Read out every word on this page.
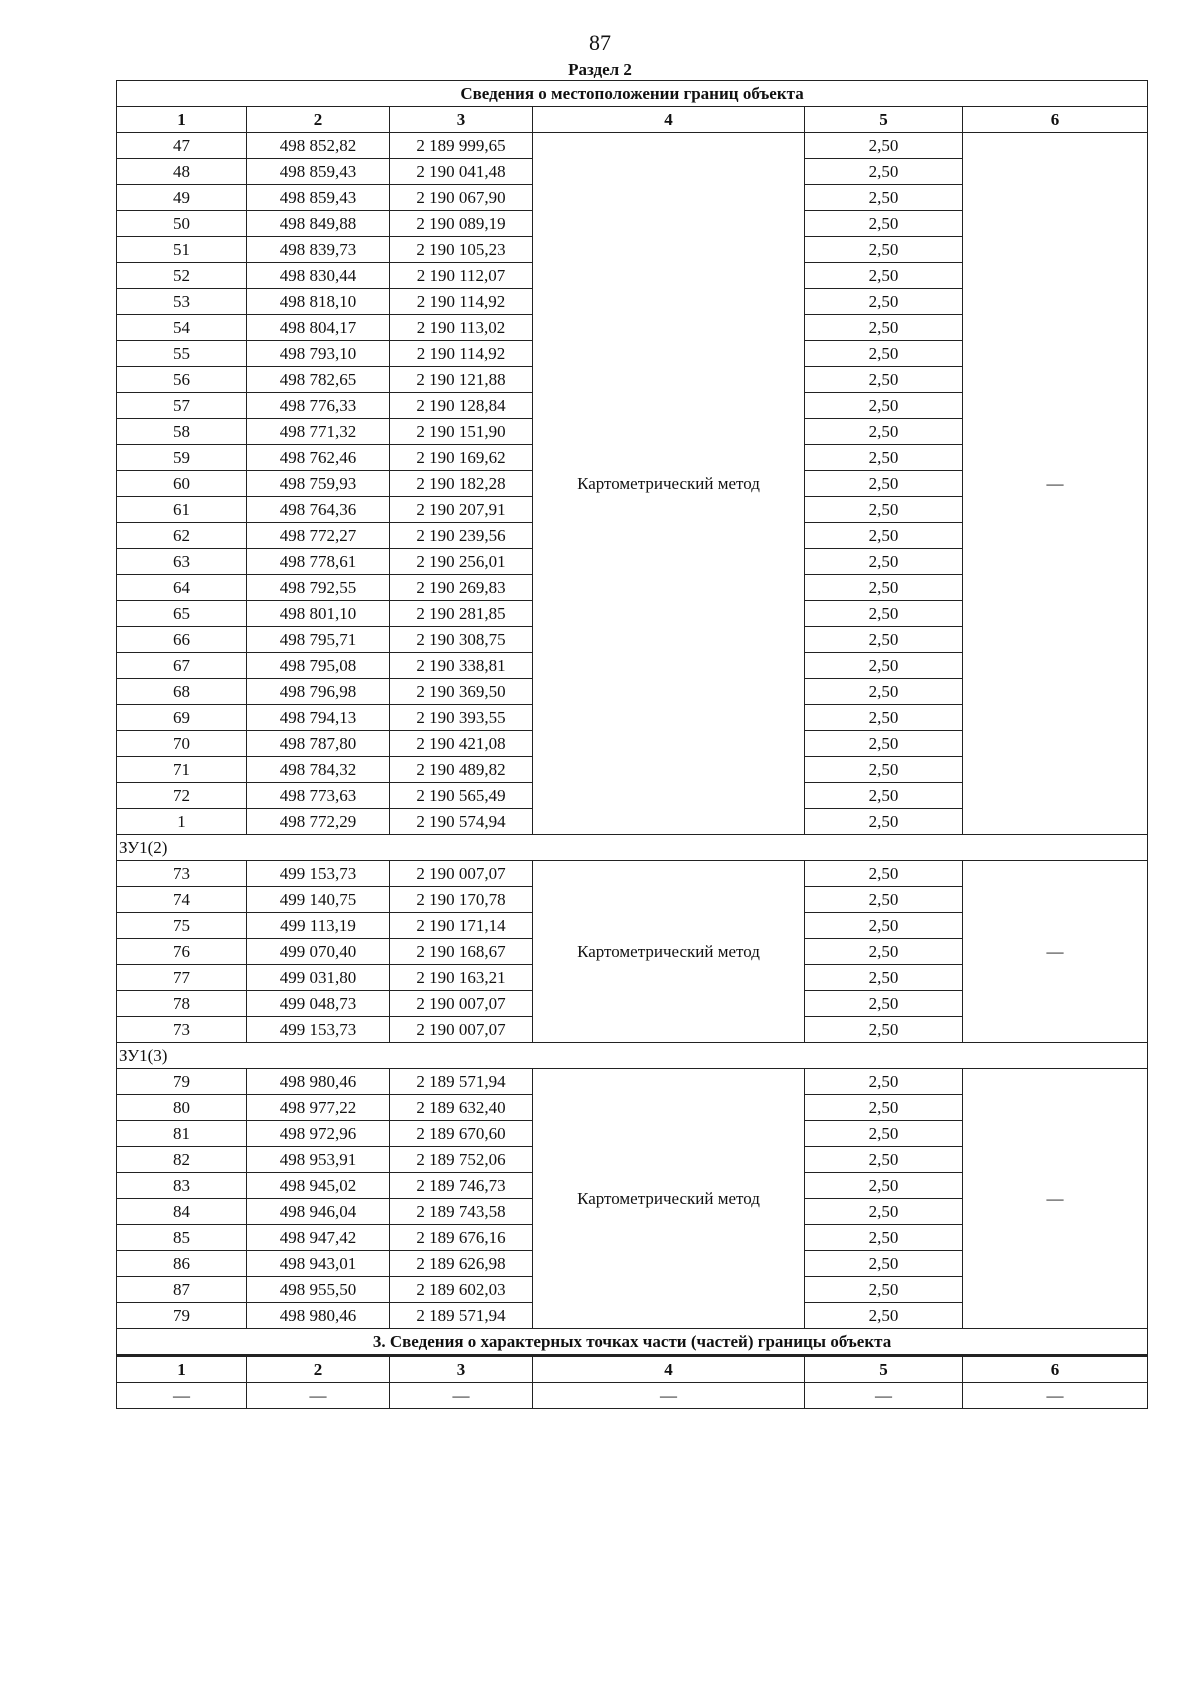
87
Раздел 2
Сведения о местоположении границ объекта					
1	2	3	4	5	6
47	498 852,82	2 189 999,65	Картометрический метод	2,50	—
48	498 859,43	2 190 041,48		2,50	
49	498 859,43	2 190 067,90		2,50	
50	498 849,88	2 190 089,19		2,50	
51	498 839,73	2 190 105,23		2,50	
52	498 830,44	2 190 112,07		2,50	
53	498 818,10	2 190 114,92		2,50	
54	498 804,17	2 190 113,02		2,50	
55	498 793,10	2 190 114,92		2,50	
56	498 782,65	2 190 121,88		2,50	
57	498 776,33	2 190 128,84		2,50	
58	498 771,32	2 190 151,90		2,50	
59	498 762,46	2 190 169,62		2,50	
60	498 759,93	2 190 182,28		2,50	
61	498 764,36	2 190 207,91		2,50	
62	498 772,27	2 190 239,56		2,50	
63	498 778,61	2 190 256,01		2,50	
64	498 792,55	2 190 269,83		2,50	
65	498 801,10	2 190 281,85		2,50	
66	498 795,71	2 190 308,75		2,50	
67	498 795,08	2 190 338,81		2,50	
68	498 796,98	2 190 369,50		2,50	
69	498 794,13	2 190 393,55		2,50	
70	498 787,80	2 190 421,08		2,50	
71	498 784,32	2 190 489,82		2,50	
72	498 773,63	2 190 565,49		2,50	
1	498 772,29	2 190 574,94		2,50	
ЗУ1(2)					
73	499 153,73	2 190 007,07	Картометрический метод	2,50	—
74	499 140,75	2 190 170,78		2,50	
75	499 113,19	2 190 171,14		2,50	
76	499 070,40	2 190 168,67		2,50	
77	499 031,80	2 190 163,21		2,50	
78	499 048,73	2 190 007,07		2,50	
73	499 153,73	2 190 007,07		2,50	
ЗУ1(3)					
79	498 980,46	2 189 571,94	Картометрический метод	2,50	—
80	498 977,22	2 189 632,40		2,50	
81	498 972,96	2 189 670,60		2,50	
82	498 953,91	2 189 752,06		2,50	
83	498 945,02	2 189 746,73		2,50	
84	498 946,04	2 189 743,58		2,50	
85	498 947,42	2 189 676,16		2,50	
86	498 943,01	2 189 626,98		2,50	
87	498 955,50	2 189 602,03		2,50	
79	498 980,46	2 189 571,94		2,50	
3. Сведения о характерных точках части (частей) границы объекта					
1	2	3	4	5	6
—	—	—	—	—	—
